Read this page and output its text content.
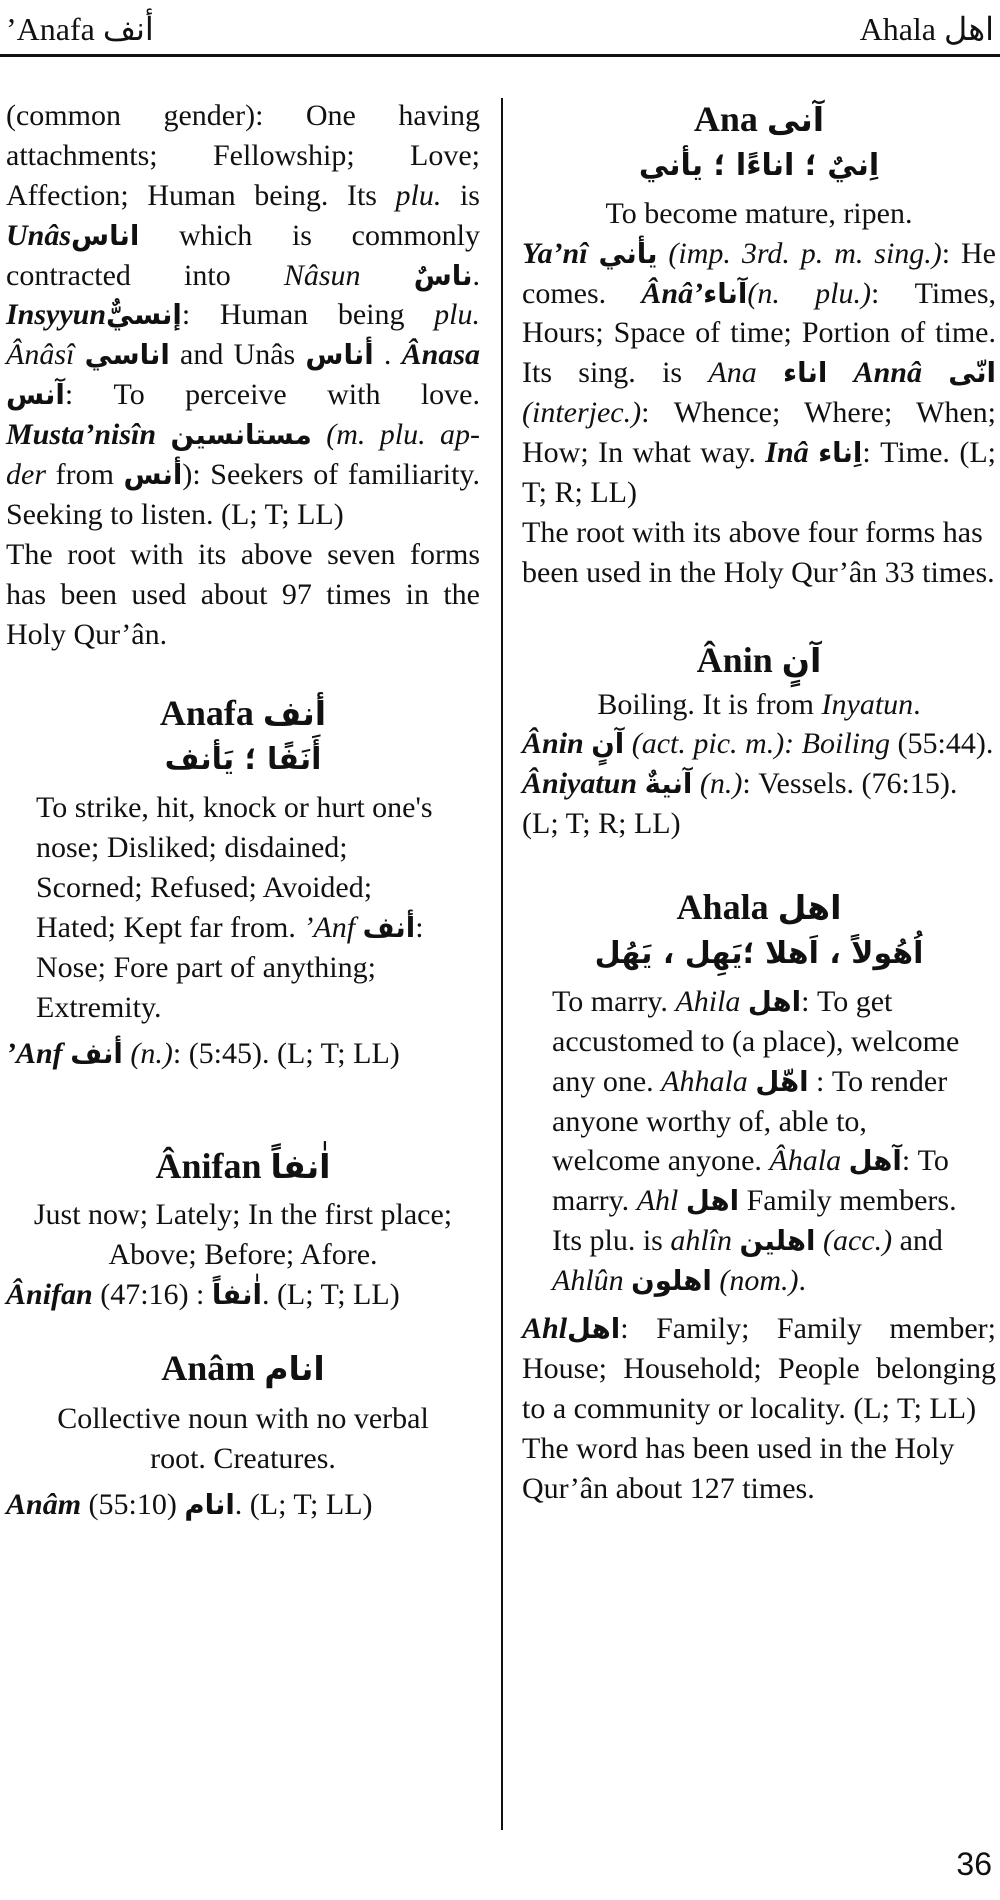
’Anafa أنف	Ahala اهل

(common gender): One having attachments; Fellowship; Love; Affection; Human being. Its plu. is Unâsاناس which is commonly contracted into Nâsun ناسٌ. Insyyunإنسيٌّ: Human being plu. Ânâsî اناسي and Unâs أناس . Ânasa آنس: To perceive with love. Musta’nisîn مستانسين (m. plu. ap-der from أنس): Seekers of familiarity. Seeking to listen. (L; T; LL)

The root with its above seven forms has been used about 97 times in the Holy Qur’ân.

Anafa أنف
أَنَفًا ؛ يَأنف

To strike, hit, knock or hurt one's nose; Disliked; disdained; Scorned; Refused; Avoided; Hated; Kept far from. ’Anf أنف: Nose; Fore part of anything; Extremity.

’Anf أنف (n.): (5:45). (L; T; LL)

Ânifan اٰنفاً

Just now; Lately; In the first place; Above; Before; Afore.

Ânifan	اٰنفاً : (47:16). (L; T; LL)

Anâm انام

Collective noun with no verbal root. Creatures.

Anâm	انام (55:10). (L; T; LL)

Ana آنى
اِنيٌ ؛ اناءًا ؛ يأني

To become mature, ripen.

Ya’nî يأني (imp. 3rd. p. m. sing.): He comes. Ânâ’آناء(n. plu.): Times, Hours; Space of time; Portion of time. Its sing. is Ana اناء Annâ انّى (interjec.): Whence; Where; When; How; In what way. Inâ اِناء: Time. (L; T; R; LL)

The root with its above four forms has been used in the Holy Qur’ân 33 times.

Ânin آنٍ

Boiling. It is from Inyatun.

Ânin آنٍ (act. pic. m.): Boiling (55:44). Âniyatun آنيةٌ (n.): Vessels. (76:15). (L; T; R; LL)

Ahala اهل
اُهُولاً ، اَهلا ؛يَهِل ، يَهُل

To marry. Ahila اهل: To get accustomed to (a place), welcome any one. Ahhala اهّل : To render anyone worthy of, able to, welcome anyone. Âhala آهل: To marry. Ahl اهل Family members. Its plu. is ahlîn اهلين (acc.) and Ahlûn اهلون (nom.).

Ahlاهل: Family; Family member; House; Household; People belonging to a community or locality. (L; T; LL)

The word has been used in the Holy Qur’ân about 127 times.

36
